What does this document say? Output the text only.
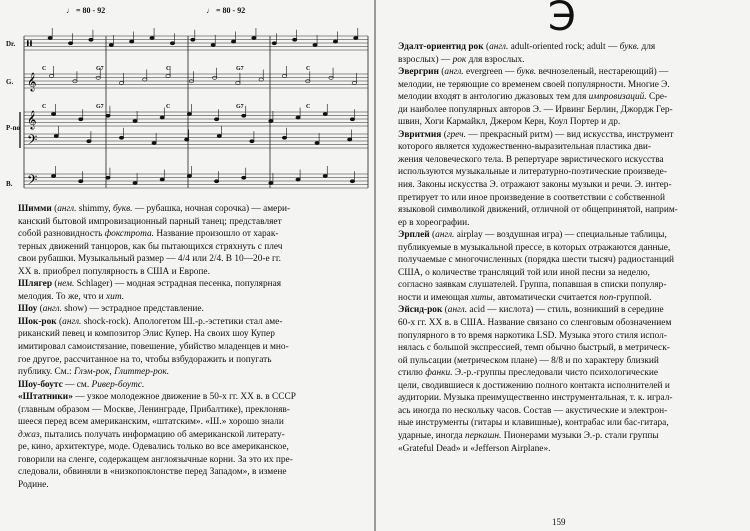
♩ = 80 - 92	♩ = 80 - 92
𝄥
𝄞
𝄞
𝄢
𝄢
Dr.
G.
P-no
B.
C	G7	C	G7	C
C	G7	C	G7	C
Шимми (англ. shimmy, букв. — рубашка, ночная сорочка) — амери-
канский бытовой импровизационный парный танец; представляет
собой разновидность фокстрота. Название произошло от харак-
терных движений танцоров, как бы пытающихся стряхнуть с плеч
свои рубашки. Музыкальный размер — 4/4 или 2/4. В 10—20-е гг.
XX в. приобрел популярность в США и Европе.
Шлягер (нем. Schlager) — модная эстрадная песенка, популярная
мелодия. То же, что и хит.
Шоу (англ. show) — эстрадное представление.
Шок-рок (англ. shock-rock). Апологетом Ш.-р.-эстетики стал аме-
риканский певец и композитор Элис Купер. На своих шоу Купер
имитировал самоистязание, повешение, убийство младенцев и мно-
гое другое, рассчитанное на то, чтобы взбудоражить и попугать
публику. См.: Глэм-рок, Глиттер-рок.
Шоу-боутс — см. Ривер-боутс.
«Штатники» — узкое молодежное движение в 50-х гг. XX в. в СССР
(главным образом — Москве, Ленинграде, Прибалтике), преклоняв-
шееся перед всем американским, «штатским». «Ш.» хорошо знали
джаз, пытались получать информацию об американской литерату-
ре, кино, архитектуре, моде. Одевались только во все американское,
говорили на сленге, содержащем англоязычные корни. За это их пре-
следовали, обвиняли в «низкопоклонстве перед Западом», в измене
Родине.
Э
Эдалт-ориентид рок (англ. adult-oriented rock; adult — букв. для
взрослых) — рок для взрослых.
Эвергрин (англ. evergreen — букв. вечнозеленый, нестареющий) —
мелодии, не теряющие со временем своей популярности. Многие Э.
мелодии входят в антологию джазовых тем для импровизаций. Сре-
ди наиболее популярных авторов Э. — Ирвинг Берлин, Джордж Гер-
швин, Хоги Кармайкл, Джером Керн, Коул Портер и др.
Эвритмия (греч. — прекрасный ритм) — вид искусства, инструмент
которого является художественно-выразительная пластика дви-
жения человеческого тела. В репертуаре эвристического искусства
используются музыкальные и литературно-поэтические произведе-
ния. Законы искусства Э. отражают законы музыки и речи. Э. интер-
претирует то или иное произведение в соответствии с собственной
языковой символикой движений, отличной от общепринятой, наприм-
ер в хореографии.
Эрплей (англ. airplay — воздушная игра) — специальные таблицы,
публикуемые в музыкальной прессе, в которых отражаются данные,
получаемые с многочисленных (порядка шести тысяч) радиостанций
США, о количестве трансляций той или иной песни за неделю,
согласно заявкам слушателей. Группа, попавшая в списки популяр-
ности и имеющая хиты, автоматически считается поп-группой.
Эйсид-рок (англ. acid — кислота) — стиль, возникший в середине
60-х гг. XX в. в США. Название связано со сленговым обозначением
популярного в то время наркотика LSD. Музыка этого стиля испол-
нялась с большой экспрессией, темп обычно быстрый, в метрическ-
ой пульсации (метрическом плане) — 8/8 и по характеру близкий
стилю фанки. Э.-р.-группы преследовали чисто психологические
цели, сводившиеся к достижению полного контакта исполнителей и
аудитории. Музыка преимущественно инструментальная, т. к. играл-
ась иногда по нескольку часов. Состав — акустические и электрон-
ные инструменты (гитары и клавишные), контрабас или бас-гитара,
ударные, иногда перкашн. Пионерами музыки Э.-р. стали группы
«Grateful Dead» и «Jefferson Airplane».
159
